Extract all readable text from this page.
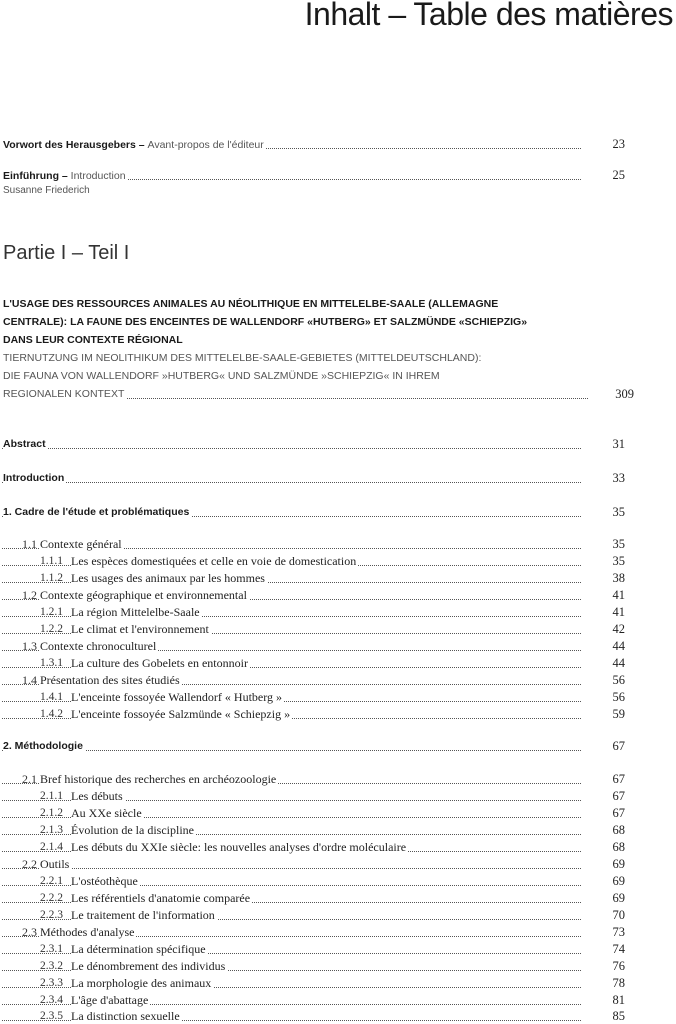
Inhalt – Table des matières
Vorwort des Herausgebers – Avant-propos de l'éditeur	23
Einführung – Introduction	25
Susanne Friederich
Partie I – Teil I
L'USAGE DES RESSOURCES ANIMALES AU NÉOLITHIQUE EN MITTELELBE-SAALE (ALLEMAGNE
CENTRALE): LA FAUNE DES ENCEINTES DE WALLENDORF «HUTBERG» ET SALZMÜNDE «SCHIEPZIG»
DANS LEUR CONTEXTE RÉGIONAL
TIERNUTZUNG IM NEOLITHIKUM DES MITTELELBE-SAALE-GEBIETES (MITTELDEUTSCHLAND):
DIE FAUNA VON WALLENDORF »HUTBERG« UND SALZMÜNDE »SCHIEPZIG« IN IHREM
REGIONALEN KONTEXT	309
Abstract	31
Introduction	33
1. Cadre de l'étude et problématiques	35
1.1 Contexte général	35
1.1.1 Les espèces domestiquées et celle en voie de domestication	35
1.1.2 Les usages des animaux par les hommes	38
1.2 Contexte géographique et environnemental	41
1.2.1 La région Mittelelbe-Saale	41
1.2.2 Le climat et l'environnement	42
1.3 Contexte chronoculturel	44
1.3.1 La culture des Gobelets en entonnoir	44
1.4 Présentation des sites étudiés	56
1.4.1 L'enceinte fossoyée Wallendorf « Hutberg »	56
1.4.2 L'enceinte fossoyée Salzmünde « Schiepzig »	59
2. Méthodologie	67
2.1 Bref historique des recherches en archéozoologie	67
2.1.1 Les débuts	67
2.1.2 Au XXe siècle	67
2.1.3 Évolution de la discipline	68
2.1.4 Les débuts du XXIe siècle: les nouvelles analyses d'ordre moléculaire	68
2.2 Outils	69
2.2.1 L'ostéothèque	69
2.2.2 Les référentiels d'anatomie comparée	69
2.2.3 Le traitement de l'information	70
2.3 Méthodes d'analyse	73
2.3.1 La détermination spécifique	74
2.3.2 Le dénombrement des individus	76
2.3.3 La morphologie des animaux	78
2.3.4 L'âge d'abattage	81
2.3.5 La distinction sexuelle	85
